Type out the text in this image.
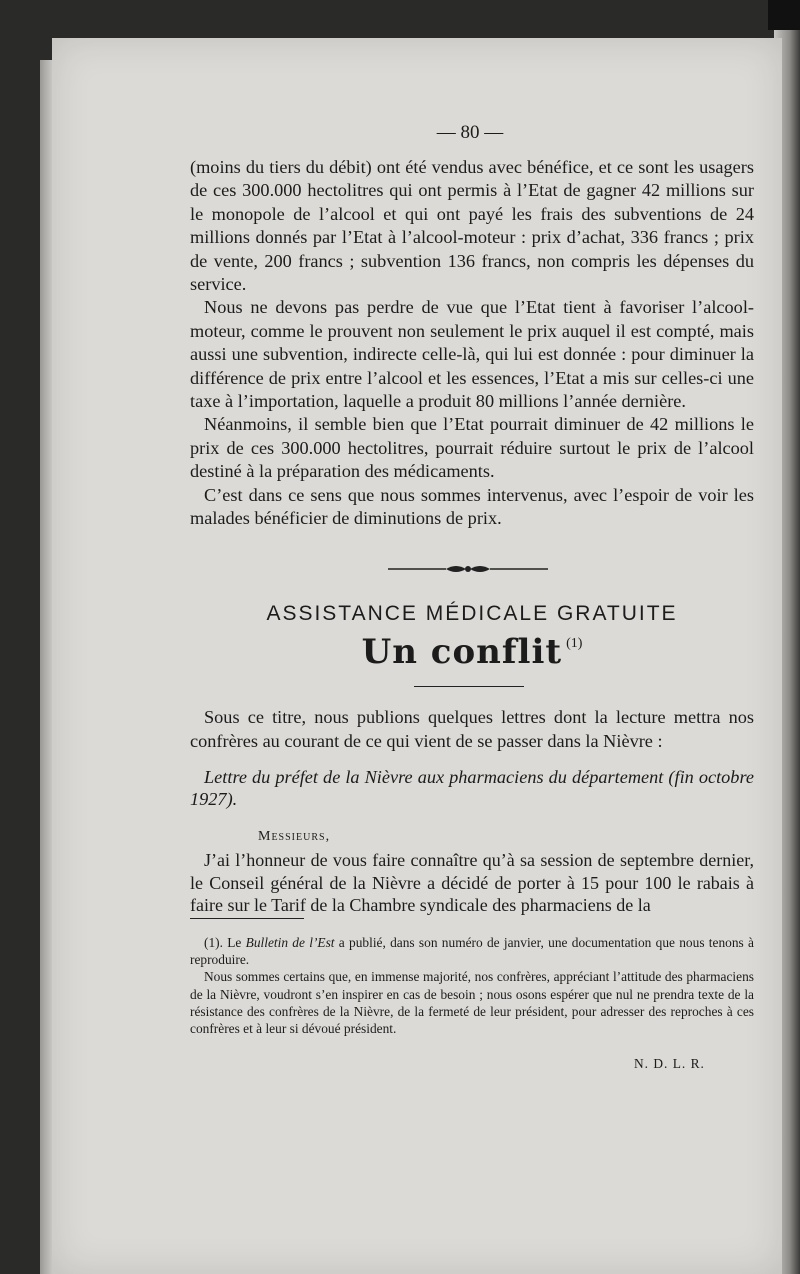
— 80 —

(moins du tiers du débit) ont été vendus avec bénéfice, et ce sont les usagers de ces 300.000 hectolitres qui ont permis à l’Etat de gagner 42 millions sur le monopole de l’alcool et qui ont payé les frais des subventions de 24 millions donnés par l’Etat à l’alcool-moteur : prix d’achat, 336 francs ; prix de vente, 200 francs ; subvention 136 francs, non compris les dépenses du service.

Nous ne devons pas perdre de vue que l’Etat tient à favoriser l’alcool-moteur, comme le prouvent non seulement le prix auquel il est compté, mais aussi une subvention, indirecte celle-là, qui lui est donnée : pour diminuer la différence de prix entre l’alcool et les essences, l’Etat a mis sur celles-ci une taxe à l’importation, laquelle a produit 80 millions l’année dernière.

Néanmoins, il semble bien que l’Etat pourrait diminuer de 42 millions le prix de ces 300.000 hectolitres, pourrait réduire surtout le prix de l’alcool destiné à la préparation des médicaments.

C’est dans ce sens que nous sommes intervenus, avec l’espoir de voir les malades bénéficier de diminutions de prix.

ASSISTANCE MÉDICALE GRATUITE
Un conflit $^{(1)}$

Sous ce titre, nous publions quelques lettres dont la lecture mettra nos confrères au courant de ce qui vient de se passer dans la Nièvre :

Lettre du préfet de la Nièvre aux pharmaciens du département (fin octobre 1927).

Messieurs,

J’ai l’honneur de vous faire connaître qu’à sa session de septembre dernier, le Conseil général de la Nièvre a décidé de porter à 15 pour 100 le rabais à faire sur le Tarif de la Chambre syndicale des pharmaciens de la

(1). Le Bulletin de l’Est a publié, dans son numéro de janvier, une documentation que nous tenons à reproduire.

Nous sommes certains que, en immense majorité, nos confrères, appréciant l’attitude des pharmaciens de la Nièvre, voudront s’en inspirer en cas de besoin ; nous osons espérer que nul ne prendra texte de la résistance des confrères de la Nièvre, de la fermeté de leur président, pour adresser des reproches à ces confrères et à leur si dévoué président.

N. D. L. R.
